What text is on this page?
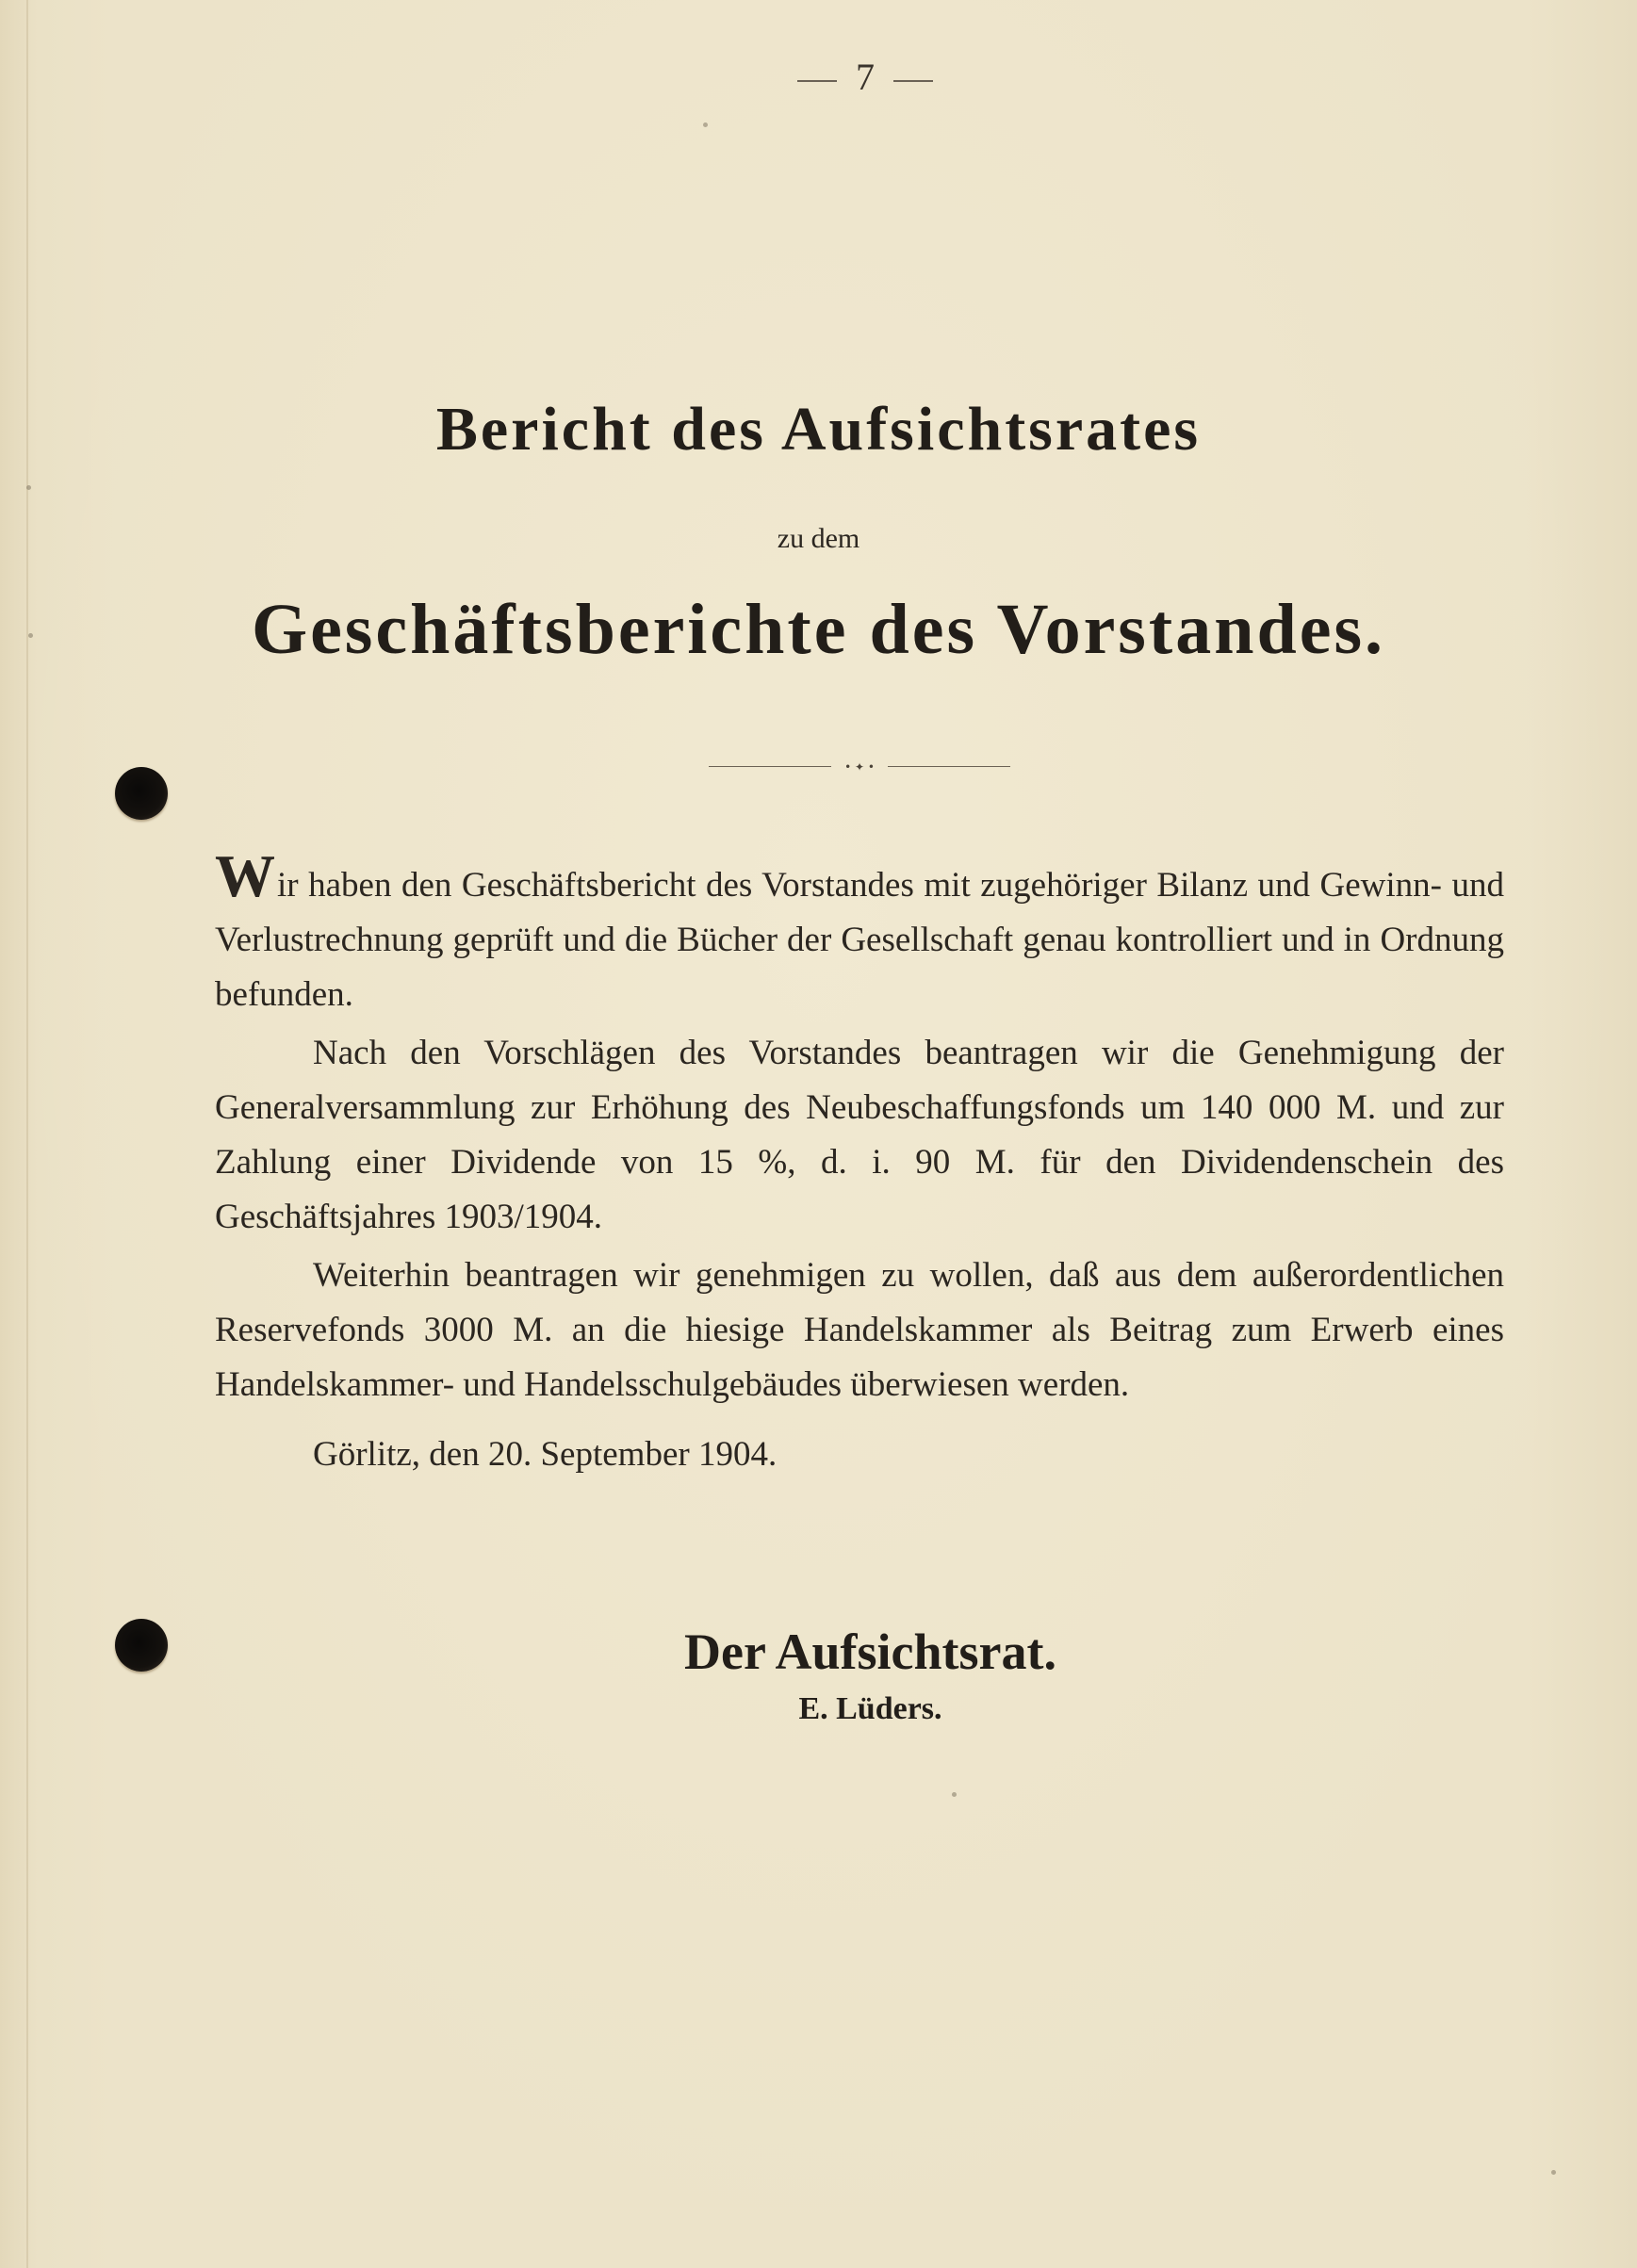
7
Bericht des Aufsichtsrates
zu dem
Geschäftsberichte des Vorstandes.
• ✦ •

Wir haben den Geschäftsbericht des Vorstandes mit zugehöriger Bilanz und Gewinn- und Verlustrechnung geprüft und die Bücher der Gesellschaft genau kontrolliert und in Ordnung befunden.

Nach den Vorschlägen des Vorstandes beantragen wir die Genehmigung der Generalversammlung zur Erhöhung des Neubeschaffungsfonds um 140 000 M. und zur Zahlung einer Dividende von 15 %, d. i. 90 M. für den Dividendenschein des Geschäftsjahres 1903/1904.

Weiterhin beantragen wir genehmigen zu wollen, daß aus dem außerordentlichen Reservefonds 3000 M. an die hiesige Handelskammer als Beitrag zum Erwerb eines Handelskammer- und Handelsschulgebäudes überwiesen werden.

Görlitz, den 20. September 1904.

Der Aufsichtsrat.
E. Lüders.
